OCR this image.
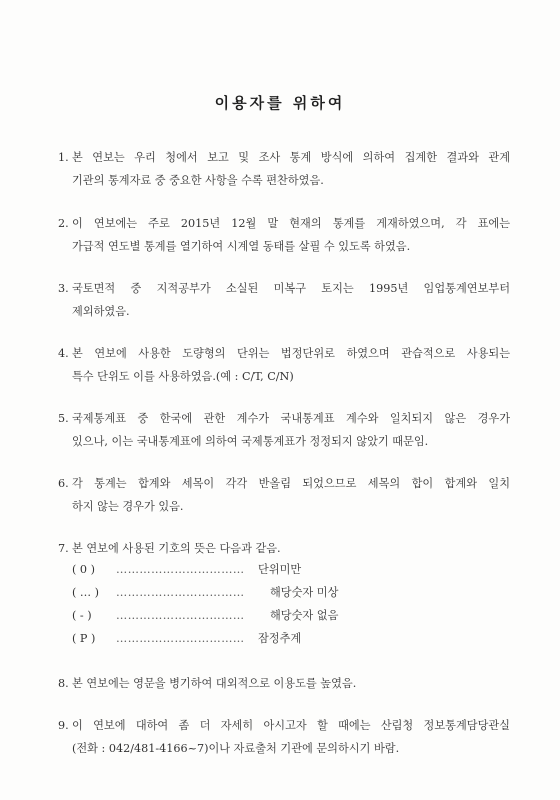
이용자를 위하여
1. 본 연보는 우리 청에서 보고 및 조사 통계 방식에 의하여 집계한 결과와 관계
기관의 통계자료 중 중요한 사항을 수록 편찬하였음.
2. 이 연보에는 주로 2015년 12월 말 현재의 통계를 게재하였으며, 각 표에는
가급적 연도별 통계를 열기하여 시계열 동태를 살필 수 있도록 하였음.
3. 국토면적 중 지적공부가 소실된 미복구 토지는 1995년 임업통계연보부터
제외하였음.
4. 본 연보에 사용한 도량형의 단위는 법정단위로 하였으며 관습적으로 사용되는
특수 단위도 이를 사용하였음.(예 : C/T, C/N)
5. 국제통계표 중 한국에 관한 계수가 국내통계표 계수와 일치되지 않은 경우가
있으나, 이는 국내통계표에 의하여 국제통계표가 정정되지 않았기 때문임.
6. 각 통계는 합계와 세목이 각각 반올림 되었으므로 세목의 합이 합계와 일치
하지 않는 경우가 있음.
7. 본 연보에 사용된 기호의 뜻은 다음과 같음.
( 0 )	……………………………	단위미만
( … )	……………………………	해당숫자 미상
( - )	……………………………	해당숫자 없음
( P )	……………………………	잠정추계
8. 본 연보에는 영문을 병기하여 대외적으로 이용도를 높였음.
9. 이 연보에 대하여 좀 더 자세히 아시고자 할 때에는 산림청 정보통계담당관실
(전화 : 042/481-4166~7)이나 자료출처 기관에 문의하시기 바람.
